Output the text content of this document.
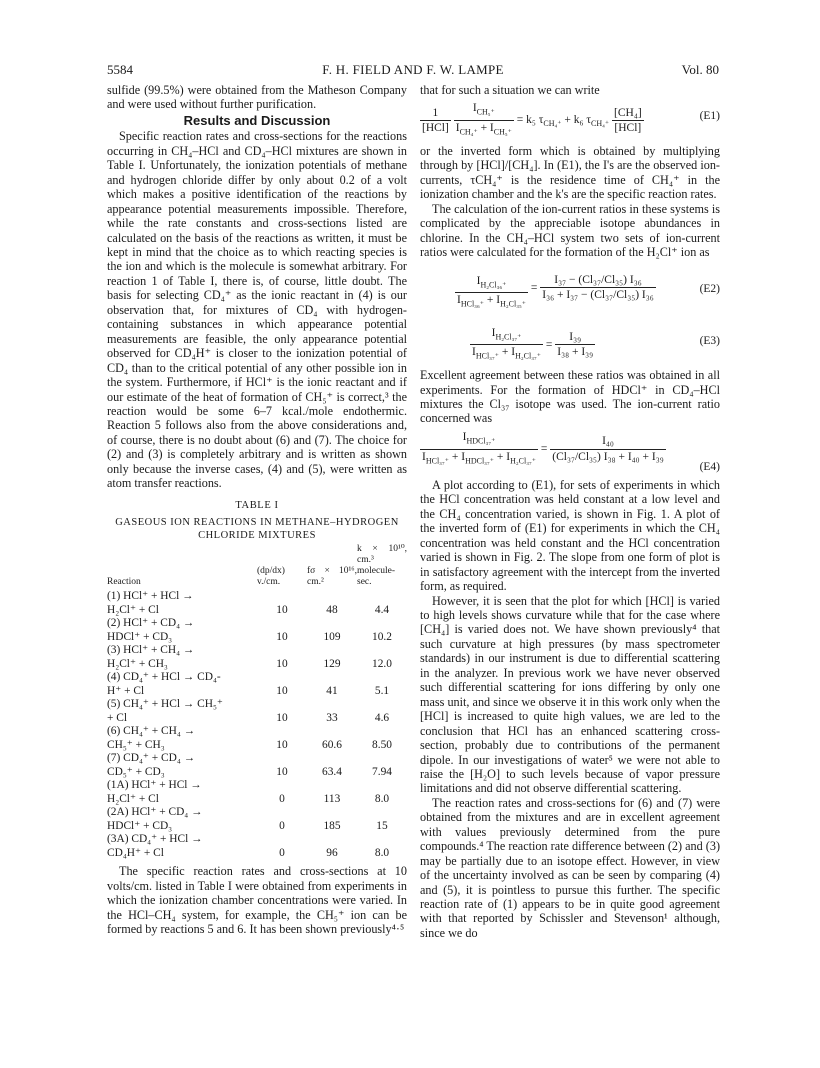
5584	F. H. FIELD AND F. W. LAMPE	Vol. 80

sulfide (99.5%) were obtained from the Matheson Company and were used without further purification.

Results and Discussion

Specific reaction rates and cross-sections for the reactions occurring in CH₄–HCl and CD₄–HCl mixtures are shown in Table I. Unfortunately, the ionization potentials of methane and hydrogen chloride differ by only about 0.2 of a volt which makes a positive identification of the reactions by appearance potential measurements impossible. Therefore, while the rate constants and cross-sections listed are calculated on the basis of the reactions as written, it must be kept in mind that the choice as to which reacting species is the ion and which is the molecule is somewhat arbitrary. For reaction 1 of Table I, there is, of course, little doubt. The basis for selecting CD₄⁺ as the ionic reactant in (4) is our observation that, for mixtures of CD₄ with hydrogen-containing substances in which appearance potential measurements are feasible, the only appearance potential observed for CD₄H⁺ is closer to the ionization potential of CD₄ than to the critical potential of any other possible ion in the system. Furthermore, if HCl⁺ is the ionic reactant and if our estimate of the heat of formation of CH₅⁺ is correct,³ the reaction would be some 6–7 kcal./mole endothermic. Reaction 5 follows also from the above considerations and, of course, there is no doubt about (6) and (7). The choice for (2) and (3) is completely arbitrary and is written as shown only because the inverse cases, (4) and (5), were written as atom transfer reactions.

TABLE I
GASEOUS ION REACTIONS IN METHANE–HYDROGEN CHLORIDE MIXTURES
Reaction	(dp/dx) v./cm.	fσ × 10¹⁶, cm.²	k × 10¹⁰, cm.³ molecule-sec.
(1) HCl⁺ + HCl →			
H₂Cl⁺ + Cl	10	48	4.4
(2) HCl⁺ + CD₄ →			
HDCl⁺ + CD₃	10	109	10.2
(3) HCl⁺ + CH₄ →			
H₂Cl⁺ + CH₃	10	129	12.0
(4) CD₄⁺ + HCl → CD₄-			
H⁺ + Cl	10	41	5.1
(5) CH₄⁺ + HCl → CH₅⁺			
+ Cl	10	33	4.6
(6) CH₄⁺ + CH₄ →			
CH₅⁺ + CH₃	10	60.6	8.50
(7) CD₄⁺ + CD₄ →			
CD₅⁺ + CD₃	10	63.4	7.94
(1A) HCl⁺ + HCl →			
H₂Cl⁺ + Cl	0	113	8.0
(2A) HCl⁺ + CD₄ →			
HDCl⁺ + CD₃	0	185	15
(3A) CD₄⁺ + HCl →			
CD₄H⁺ + Cl	0	96	8.0

The specific reaction rates and cross-sections at 10 volts/cm. listed in Table I were obtained from experiments in which the ionization chamber concentrations were varied. In the HCl–CH₄ system, for example, the CH₅⁺ ion can be formed by reactions 5 and 6. It has been shown previously⁴·⁵

that for such a situation we can write

$\frac{1}{\text{[HCl]}}$
$\frac{I_{CH_5^+}}{I_{CH_4^+} + I_{CH_5^+}} = k_5$ $\tau_{CH_4^+} + k_6$ $\tau_{CH_4^+} \frac{\text{[CH₄]}}{\text{[HCl]}}$	(E1)

or the inverted form which is obtained by multiplying through by [HCl]/[CH₄]. In (E1), the I's are the observed ion-currents, τCH₄⁺ is the residence time of CH₄⁺ in the ionization chamber and the k's are the specific reaction rates.

The calculation of the ion-current ratios in these systems is complicated by the appreciable isotope abundances in chlorine. In the CH₄–HCl system two sets of ion-current ratios were calculated for the formation of the H₂Cl⁺ ion as

$\frac{I_{H_2Cl_{36}^+}}{I_{HCl_{36}^+} + I_{H_2Cl_{35}^+}} = \frac{\text{I₃₇ − (Cl₃₇/Cl₃₅) I₃₆}}{\text{I₃₆ + I₃₇ − (Cl₃₇/Cl₃₅) I₃₆}}$	(E2)
$\frac{I_{H_2Cl_{37}^+}}{I_{HCl_{37}^+} + I_{H_2Cl_{37}^+}} = \frac{\text{I₃₉}}{\text{I₃₈ + I₃₉}}$	(E3)

Excellent agreement between these ratios was obtained in all experiments. For the formation of HDCl⁺ in CD₄–HCl mixtures the Cl₃₇ isotope was used. The ion-current ratio concerned was

$\frac{I_{HDCl_{37}^+}}{I_{HCl_{37}^+} + I_{HDCl_{37}^+} + I_{H_2Cl_{37}^+}} = \frac{\text{I₄₀}}{\text{(Cl₃₇/Cl₃₅) I₃₈ + I₄₀ + I₃₉}}$
(E4)

A plot according to (E1), for sets of experiments in which the HCl concentration was held constant at a low level and the CH₄ concentration varied, is shown in Fig. 1. A plot of the inverted form of (E1) for experiments in which the CH₄ concentration was held constant and the HCl concentration varied is shown in Fig. 2. The slope from one form of plot is in satisfactory agreement with the intercept from the inverted form, as required.

However, it is seen that the plot for which [HCl] is varied to high levels shows curvature while that for the case where [CH₄] is varied does not. We have shown previously⁴ that such curvature at high pressures (by mass spectrometer standards) in our instrument is due to differential scattering in the analyzer. In previous work we have never observed such differential scattering for ions differing by only one mass unit, and since we observe it in this work only when the [HCl] is increased to quite high values, we are led to the conclusion that HCl has an enhanced scattering cross-section, probably due to contributions of the permanent dipole. In our investigations of water⁵ we were not able to raise the [H₂O] to such levels because of vapor pressure limitations and did not observe differential scattering.

The reaction rates and cross-sections for (6) and (7) were obtained from the mixtures and are in excellent agreement with values previously determined from the pure compounds.⁴ The reaction rate difference between (2) and (3) may be partially due to an isotope effect. However, in view of the uncertainty involved as can be seen by comparing (4) and (5), it is pointless to pursue this further. The specific reaction rate of (1) appears to be in quite good agreement with that reported by Schissler and Stevenson¹ although, since we do
